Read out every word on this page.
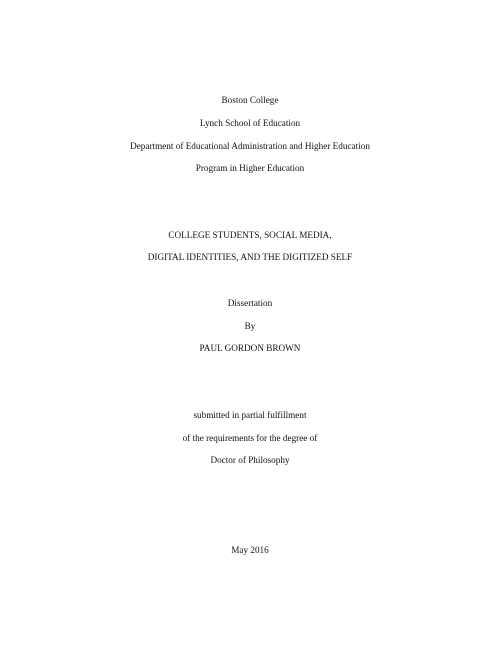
Boston College
Lynch School of Education
Department of Educational Administration and Higher Education
Program in Higher Education
COLLEGE STUDENTS, SOCIAL MEDIA,
DIGITAL IDENTITIES, AND THE DIGITIZED SELF
Dissertation
By
PAUL GORDON BROWN
submitted in partial fulfillment
of the requirements for the degree of
Doctor of Philosophy
May 2016
